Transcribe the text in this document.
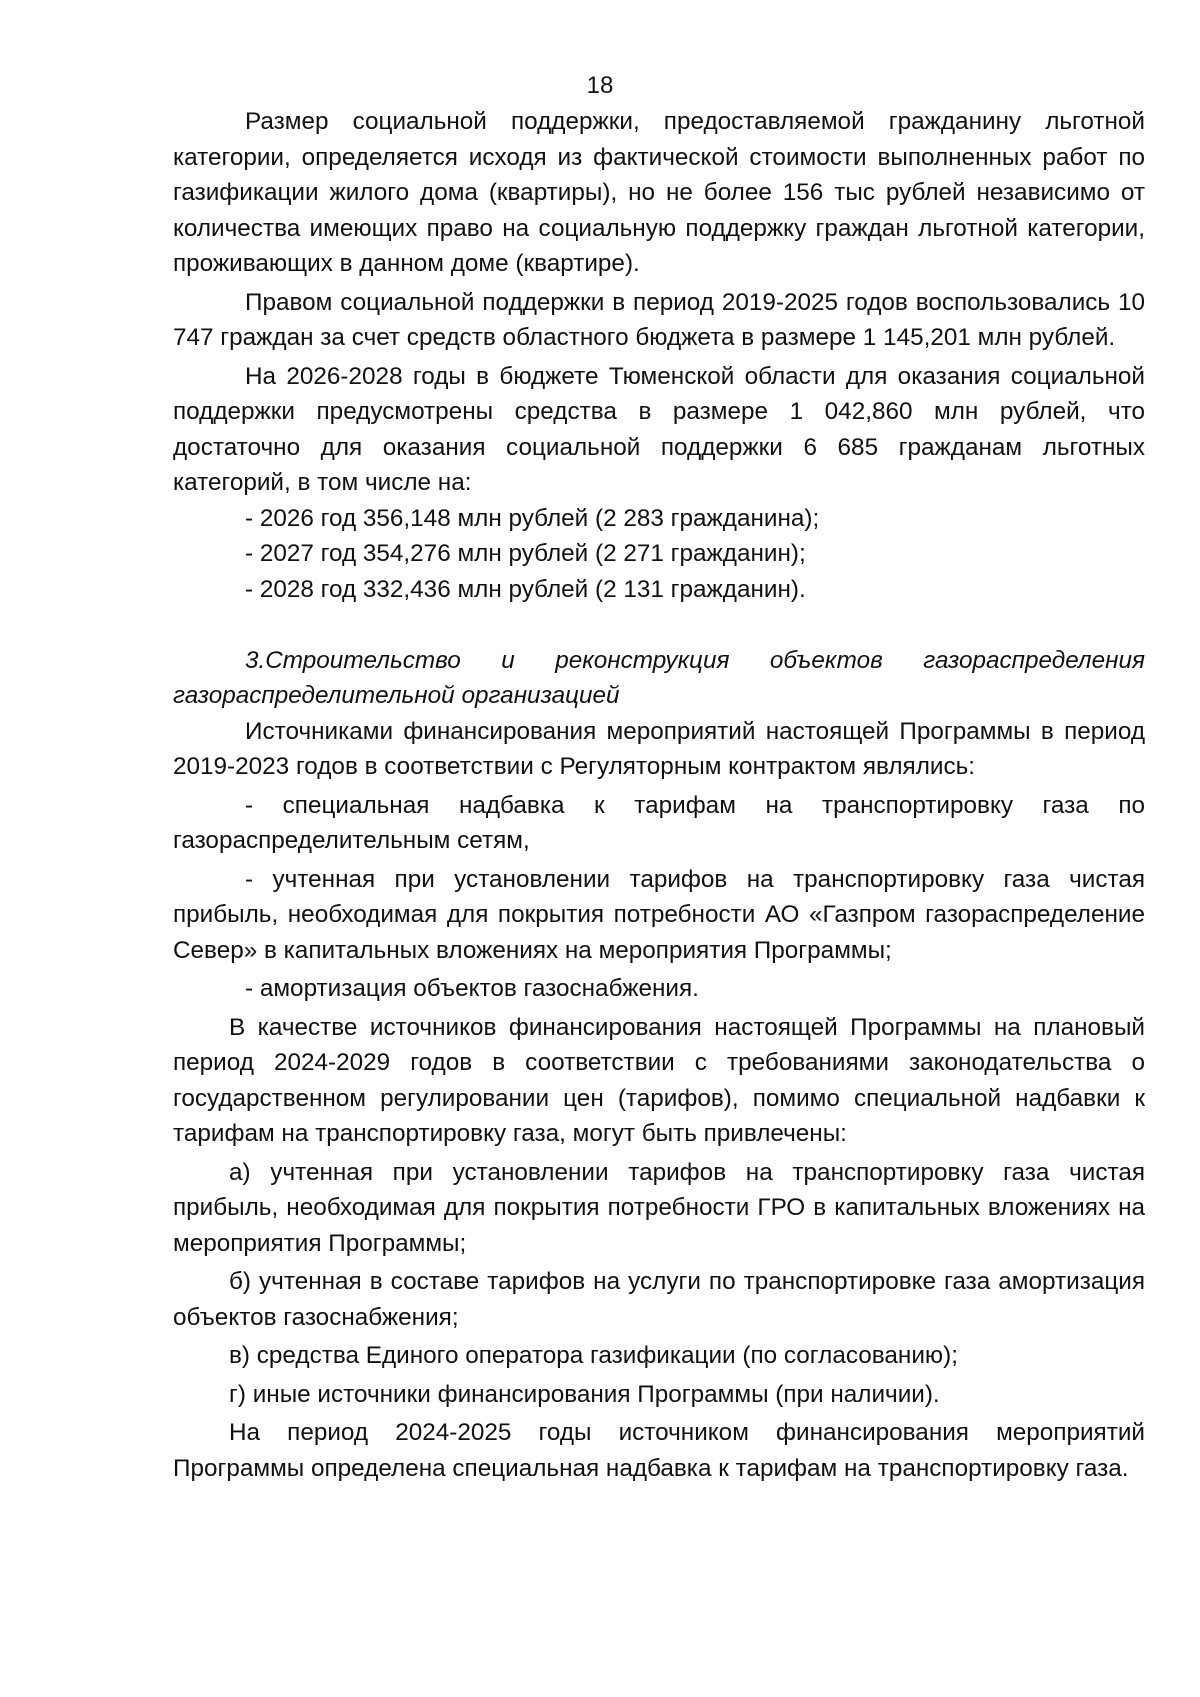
18

Размер социальной поддержки, предоставляемой гражданину льготной категории, определяется исходя из фактической стоимости выполненных работ по газификации жилого дома (квартиры), но не более 156 тыс рублей независимо от количества имеющих право на социальную поддержку граждан льготной категории, проживающих в данном доме (квартире).

Правом социальной поддержки в период 2019-2025 годов воспользовались 10 747 граждан за счет средств областного бюджета в размере 1 145,201 млн рублей.

На 2026-2028 годы в бюджете Тюменской области для оказания социальной поддержки предусмотрены средства в размере 1 042,860 млн рублей, что достаточно для оказания социальной поддержки 6 685 гражданам льготных категорий, в том числе на:

- 2026 год 356,148 млн рублей (2 283 гражданина);

- 2027 год 354,276 млн рублей (2 271 гражданин);

- 2028 год 332,436 млн рублей (2 131 гражданин).

3.Строительство и реконструкция объектов газораспределения газораспределительной организацией

Источниками финансирования мероприятий настоящей Программы в период 2019-2023 годов в соответствии с Регуляторным контрактом являлись:

- специальная надбавка к тарифам на транспортировку газа по газораспределительным сетям,

- учтенная при установлении тарифов на транспортировку газа чистая прибыль, необходимая для покрытия потребности АО «Газпром газораспределение Север» в капитальных вложениях на мероприятия Программы;

- амортизация объектов газоснабжения.

В качестве источников финансирования настоящей Программы на плановый период 2024-2029 годов в соответствии с требованиями законодательства о государственном регулировании цен (тарифов), помимо специальной надбавки к тарифам на транспортировку газа, могут быть привлечены:

а) учтенная при установлении тарифов на транспортировку газа чистая прибыль, необходимая для покрытия потребности ГРО в капитальных вложениях на мероприятия Программы;

б) учтенная в составе тарифов на услуги по транспортировке газа амортизация объектов газоснабжения;

в) средства Единого оператора газификации (по согласованию);

г) иные источники финансирования Программы (при наличии).

На период 2024-2025 годы источником финансирования мероприятий Программы определена специальная надбавка к тарифам на транспортировку газа.
